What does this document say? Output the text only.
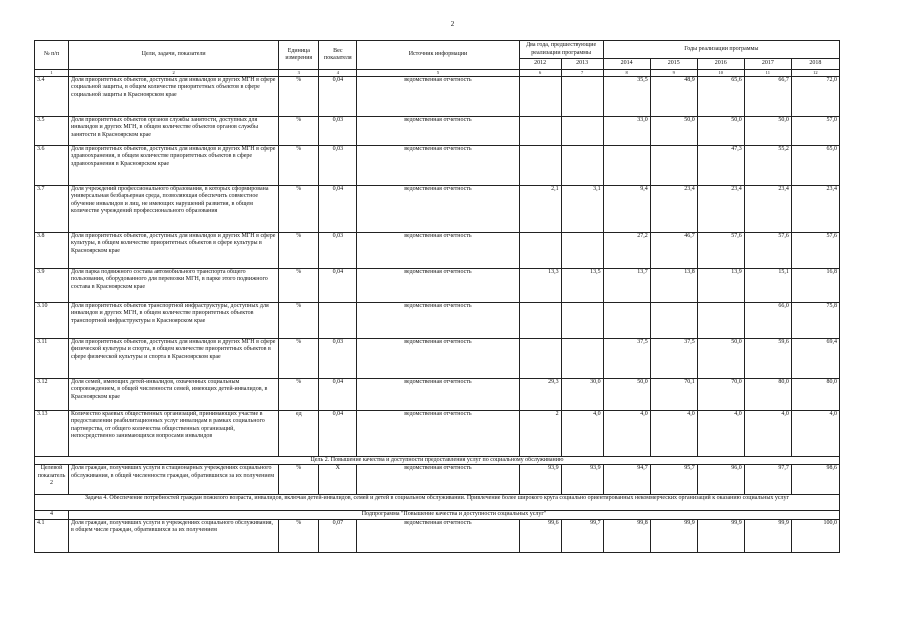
2
№ п/п	Цели, задачи, показатели	Единица измерения	Вес показателя	Источник информации	Два года, предшествующие реализации программы		Годы реализации программы				
					2012	2013	2014	2015	2016	2017	2018
1	2	3	4	5	6	7	8	9	10	11	12
3.4	Доля приоритетных объектов, доступных для инвалидов и других МГН в сфере социальной защиты, в общем количестве приоритетных объектов в сфере социальной защиты в Красноярском крае	%	0,04	ведомственная отчетность			35,5	48,9	65,6	66,7	72,0
3.5	Доля приоритетных объектов органов службы занятости, доступных для инвалидов и других МГН, в общем количестве объектов органов службы занятости в Красноярском крае	%	0,03	ведомственная отчетность			33,0	50,0	50,0	50,0	57,0
3.6	Доля приоритетных объектов, доступных для инвалидов и других МГН в сфере здравоохранения, в общем количестве приоритетных объектов в сфере здравоохранения в Красноярском крае	%	0,03	ведомственная отчетность					47,3	55,2	65,0
3.7	Доля учреждений профессионального образования, в которых сформирована универсальная безбарьерная среда, позволяющая обеспечить совместное обучение инвалидов и лиц, не имеющих нарушений развития, в общем количестве учреждений профессионального образования	%	0,04	ведомственная отчетность	2,1	3,1	9,4	23,4	23,4	23,4	23,4
3.8	Доля приоритетных объектов, доступных для инвалидов и других МГН в сфере культуры, в общем количестве приоритетных объектов в сфере культуры в Красноярском крае	%	0,03	ведомственная отчетность			27,2	46,7	57,6	57,6	57,6
3.9	Доля парка подвижного состава автомобильного транспорта общего пользования, оборудованного для перевозки МГН, в парке этого подвижного состава в Красноярском крае	%	0,04	ведомственная отчетность	13,3	13,5	13,7	13,8	13,9	15,1	16,8
3.10	Доля приоритетных объектов транспортной инфраструктуры, доступных для инвалидов и других МГН, в общем количестве приоритетных объектов транспортной инфраструктуры в Красноярском крае	%		ведомственная отчетность						66,0	75,8
3.11	Доля приоритетных объектов, доступных для инвалидов и других МГН в сфере физической культуры и спорта, в общем количестве приоритетных объектов в сфере физической культуры и спорта в Красноярском крае	%	0,03	ведомственная отчетность			37,5	37,5	50,0	59,6	69,4
3.12	Доля семей, имеющих детей-инвалидов, охваченных социальным сопровождением, в общей численности семей, имеющих детей-инвалидов, в Красноярском крае	%	0,04	ведомственная отчетность	29,3	30,0	50,0	70,1	70,0	80,0	80,0
3.13	Количество краевых общественных организаций, принимающих участие в предоставлении реабилитационных услуг инвалидам в рамках социального партнерства, от общего количества общественных организаций, непосредственно занимающихся вопросами инвалидов	ед	0,04	ведомственная отчетность	2	4,0	4,0	4,0	4,0	4,0	4,0
Цель 2. Повышение качества и доступности предоставления услуг по социальному обслуживанию											
Целевой показатель 2	Доля граждан, получивших услуги в стационарных учреждениях социального обслуживания, в общей численности граждан, обратившихся за их получением	%	X	ведомственная отчетность	93,9	93,9	94,7	95,7	96,0	97,7	98,6
Задача 4. Обеспечение потребностей граждан пожилого возраста, инвалидов, включая детей-инвалидов, семей и детей в социальном обслуживании. Привлечение более широкого круга социально ориентированных некоммерческих организаций к оказанию социальных услуг											
4	Подпрограмма "Повышение качества и доступности социальных услуг"										
4.1	Доля граждан, получивших услуги в учреждениях социального обслуживания, в общем числе граждан, обратившихся за их получением	%	0,07	ведомственная отчетность	99,6	99,7	99,8	99,9	99,9	99,9	100,0
